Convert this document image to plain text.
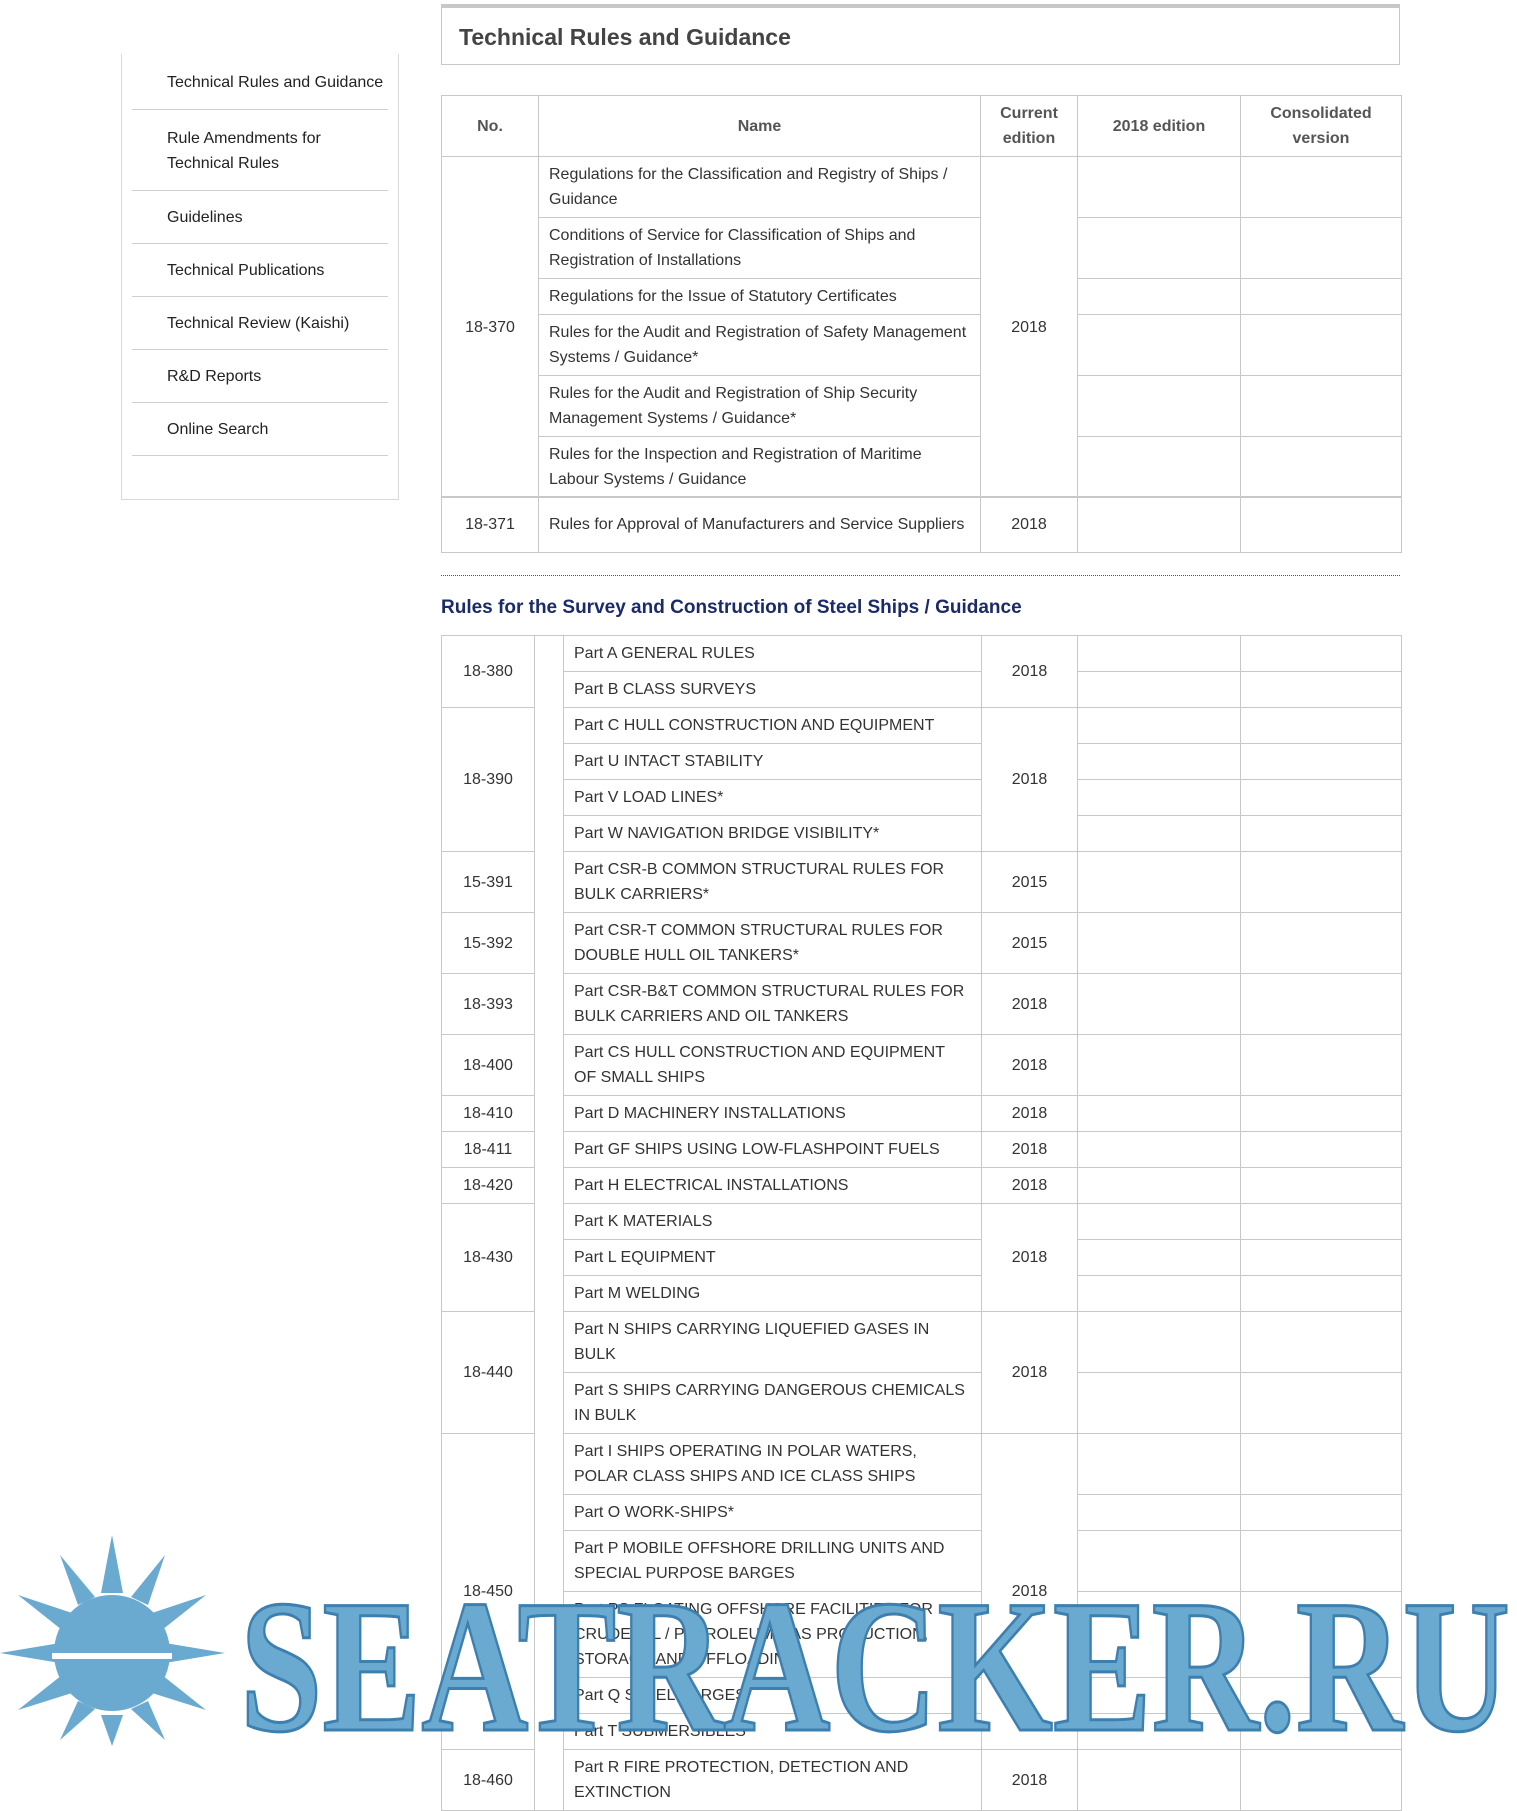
Technical Rules and Guidance
Rule Amendments for Technical Rules
Guidelines
Technical Publications
Technical Review (Kaishi)
R&D Reports
Online Search
Technical Rules and Guidance
No.	Name	Current edition	2018 edition	Consolidated version
18-370	Regulations for the Classification and Registry of Ships / Guidance	2018		
	Conditions of Service for Classification of Ships and Registration of Installations			
	Regulations for the Issue of Statutory Certificates			
	Rules for the Audit and Registration of Safety Management Systems / Guidance*			
	Rules for the Audit and Registration of Ship Security Management Systems / Guidance*			
	Rules for the Inspection and Registration of Maritime Labour Systems / Guidance			
18-371	Rules for Approval of Manufacturers and Service Suppliers	2018		
Rules for the Survey and Construction of Steel Ships / Guidance
18-380		Part A GENERAL RULES	2018		
		Part B CLASS SURVEYS			
18-390		Part C HULL CONSTRUCTION AND EQUIPMENT	2018		
		Part U INTACT STABILITY			
		Part V LOAD LINES*			
		Part W NAVIGATION BRIDGE VISIBILITY*			
15-391		Part CSR-B COMMON STRUCTURAL RULES FOR BULK CARRIERS*	2015		
15-392		Part CSR-T COMMON STRUCTURAL RULES FOR DOUBLE HULL OIL TANKERS*	2015		
18-393		Part CSR-B&T COMMON STRUCTURAL RULES FOR BULK CARRIERS AND OIL TANKERS	2018		
18-400		Part CS HULL CONSTRUCTION AND EQUIPMENT OF SMALL SHIPS	2018		
18-410		Part D MACHINERY INSTALLATIONS	2018		
18-411		Part GF SHIPS USING LOW-FLASHPOINT FUELS	2018		
18-420		Part H ELECTRICAL INSTALLATIONS	2018		
18-430		Part K MATERIALS	2018		
		Part L EQUIPMENT			
		Part M WELDING			
18-440		Part N SHIPS CARRYING LIQUEFIED GASES IN BULK	2018		
		Part S SHIPS CARRYING DANGEROUS CHEMICALS IN BULK			
18-450		Part I SHIPS OPERATING IN POLAR WATERS, POLAR CLASS SHIPS AND ICE CLASS SHIPS	2018		
		Part O WORK-SHIPS*			
		Part P MOBILE OFFSHORE DRILLING UNITS AND SPECIAL PURPOSE BARGES			
		Part PS FLOATING OFFSHORE FACILITIES FOR CRUDE OIL / PETROLEUM GAS PRODUCTION, STORAGE AND OFFLOADING			
		Part Q STEEL BARGES*			
		Part T SUBMERSIBLES*			
18-460		Part R FIRE PROTECTION, DETECTION AND EXTINCTION	2018		
SEATRACKER.RU
